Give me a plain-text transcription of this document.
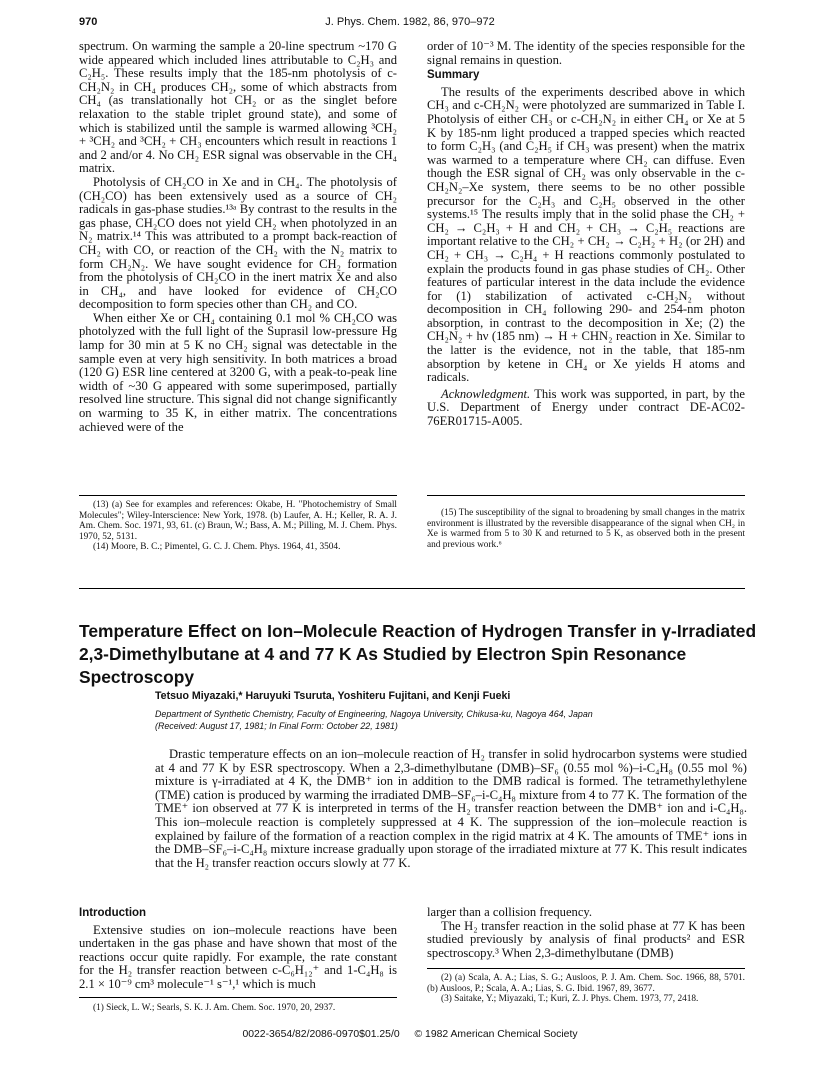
970	J. Phys. Chem. 1982, 86, 970–972

spectrum. On warming the sample a 20-line spectrum ~170 G wide appeared which included lines attributable to C₂H₃ and C₂H₅. These results imply that the 185-nm photolysis of c-CH₂N₂ in CH₄ produces CH₂, some of which abstracts from CH₄ (as translationally hot CH₂ or as the singlet before relaxation to the stable triplet ground state), and some of which is stabilized until the sample is warmed allowing ³CH₂ + ³CH₂ and ³CH₂ + CH₃ encounters which result in reactions 1 and 2 and/or 4. No CH₂ ESR signal was observable in the CH₄ matrix.

Photolysis of CH₂CO in Xe and in CH₄. The photolysis of (CH₂CO) has been extensively used as a source of CH₂ radicals in gas-phase studies.¹³ᵃ By contrast to the results in the gas phase, CH₂CO does not yield CH₂ when photolyzed in an N₂ matrix.¹⁴ This was attributed to a prompt back-reaction of CH₂ with CO, or reaction of the CH₂ with the N₂ matrix to form CH₂N₂. We have sought evidence for CH₂ formation from the photolysis of CH₂CO in the inert matrix Xe and also in CH₄, and have looked for evidence of CH₂CO decomposition to form species other than CH₂ and CO.

When either Xe or CH₄ containing 0.1 mol % CH₂CO was photolyzed with the full light of the Suprasil low-pressure Hg lamp for 30 min at 5 K no CH₂ signal was detectable in the sample even at very high sensitivity. In both matrices a broad (120 G) ESR line centered at 3200 G, with a peak-to-peak line width of ~30 G appeared with some superimposed, partially resolved line structure. This signal did not change significantly on warming to 35 K, in either matrix. The concentrations achieved were of the

order of 10⁻³ M. The identity of the species responsible for the signal remains in question.

Summary

The results of the experiments described above in which CH₃ and c-CH₂N₂ were photolyzed are summarized in Table I. Photolysis of either CH₃ or c-CH₂N₂ in either CH₄ or Xe at 5 K by 185-nm light produced a trapped species which reacted to form C₂H₃ (and C₂H₅ if CH₃ was present) when the matrix was warmed to a temperature where CH₂ can diffuse. Even though the ESR signal of CH₂ was only observable in the c-CH₂N₂–Xe system, there seems to be no other possible precursor for the C₂H₃ and C₂H₅ observed in the other systems.¹⁵ The results imply that in the solid phase the CH₂ + CH₂ → C₂H₃ + H and CH₂ + CH₃ → C₂H₅ reactions are important relative to the CH₂ + CH₂ → C₂H₂ + H₂ (or 2H) and CH₂ + CH₃ → C₂H₄ + H reactions commonly postulated to explain the products found in gas phase studies of CH₂. Other features of particular interest in the data include the evidence for (1) stabilization of activated c-CH₂N₂ without decomposition in CH₄ following 290- and 254-nm photon absorption, in contrast to the decomposition in Xe; (2) the CH₂N₂ + hν (185 nm) → H + CHN₂ reaction in Xe. Similar to the latter is the evidence, not in the table, that 185-nm absorption by ketene in CH₄ or Xe yields H atoms and radicals.

Acknowledgment. This work was supported, in part, by the U.S. Department of Energy under contract DE-AC02-76ER01715-A005.

(13) (a) See for examples and references: Okabe, H. "Photochemistry of Small Molecules"; Wiley-Interscience: New York, 1978. (b) Laufer, A. H.; Keller, R. A. J. Am. Chem. Soc. 1971, 93, 61. (c) Braun, W.; Bass, A. M.; Pilling, M. J. Chem. Phys. 1970, 52, 5131.

(14) Moore, B. C.; Pimentel, G. C. J. Chem. Phys. 1964, 41, 3504.

(15) The susceptibility of the signal to broadening by small changes in the matrix environment is illustrated by the reversible disappearance of the signal when CH₂ in Xe is warmed from 5 to 30 K and returned to 5 K, as observed both in the present and previous work.⁶

Temperature Effect on Ion–Molecule Reaction of Hydrogen Transfer in γ-Irradiated 2,3-Dimethylbutane at 4 and 77 K As Studied by Electron Spin Resonance Spectroscopy
Tetsuo Miyazaki,* Haruyuki Tsuruta, Yoshiteru Fujitani, and Kenji Fueki
Department of Synthetic Chemistry, Faculty of Engineering, Nagoya University, Chikusa-ku, Nagoya 464, Japan
(Received: August 17, 1981; In Final Form: October 22, 1981)
Drastic temperature effects on an ion–molecule reaction of H₂ transfer in solid hydrocarbon systems were studied at 4 and 77 K by ESR spectroscopy. When a 2,3-dimethylbutane (DMB)–SF₆ (0.55 mol %)–i-C₄H₈ (0.55 mol %) mixture is γ-irradiated at 4 K, the DMB⁺ ion in addition to the DMB radical is formed. The tetramethylethylene (TME) cation is produced by warming the irradiated DMB–SF₆–i-C₄H₈ mixture from 4 to 77 K. The formation of the TME⁺ ion observed at 77 K is interpreted in terms of the H₂ transfer reaction between the DMB⁺ ion and i-C₄H₈. This ion–molecule reaction is completely suppressed at 4 K. The suppression of the ion–molecule reaction is explained by failure of the formation of a reaction complex in the rigid matrix at 4 K. The amounts of TME⁺ ions in the DMB–SF₆–i-C₄H₈ mixture increase gradually upon storage of the irradiated mixture at 77 K. This result indicates that the H₂ transfer reaction occurs slowly at 77 K.

Introduction

Extensive studies on ion–molecule reactions have been undertaken in the gas phase and have shown that most of the reactions occur quite rapidly. For example, the rate constant for the H₂ transfer reaction between c-C₆H₁₂⁺ and 1-C₄H₈ is 2.1 × 10⁻⁹ cm³ molecule⁻¹ s⁻¹,¹ which is much

larger than a collision frequency.

The H₂ transfer reaction in the solid phase at 77 K has been studied previously by analysis of final products² and ESR spectroscopy.³ When 2,3-dimethylbutane (DMB)

(1) Sieck, L. W.; Searls, S. K. J. Am. Chem. Soc. 1970, 20, 2937.

(2) (a) Scala, A. A.; Lias, S. G.; Ausloos, P. J. Am. Chem. Soc. 1966, 88, 5701. (b) Ausloos, P.; Scala, A. A.; Lias, S. G. Ibid. 1967, 89, 3677.

(3) Saitake, Y.; Miyazaki, T.; Kuri, Z. J. Phys. Chem. 1973, 77, 2418.

0022-3654/82/2086-0970$01.25/0 © 1982 American Chemical Society
